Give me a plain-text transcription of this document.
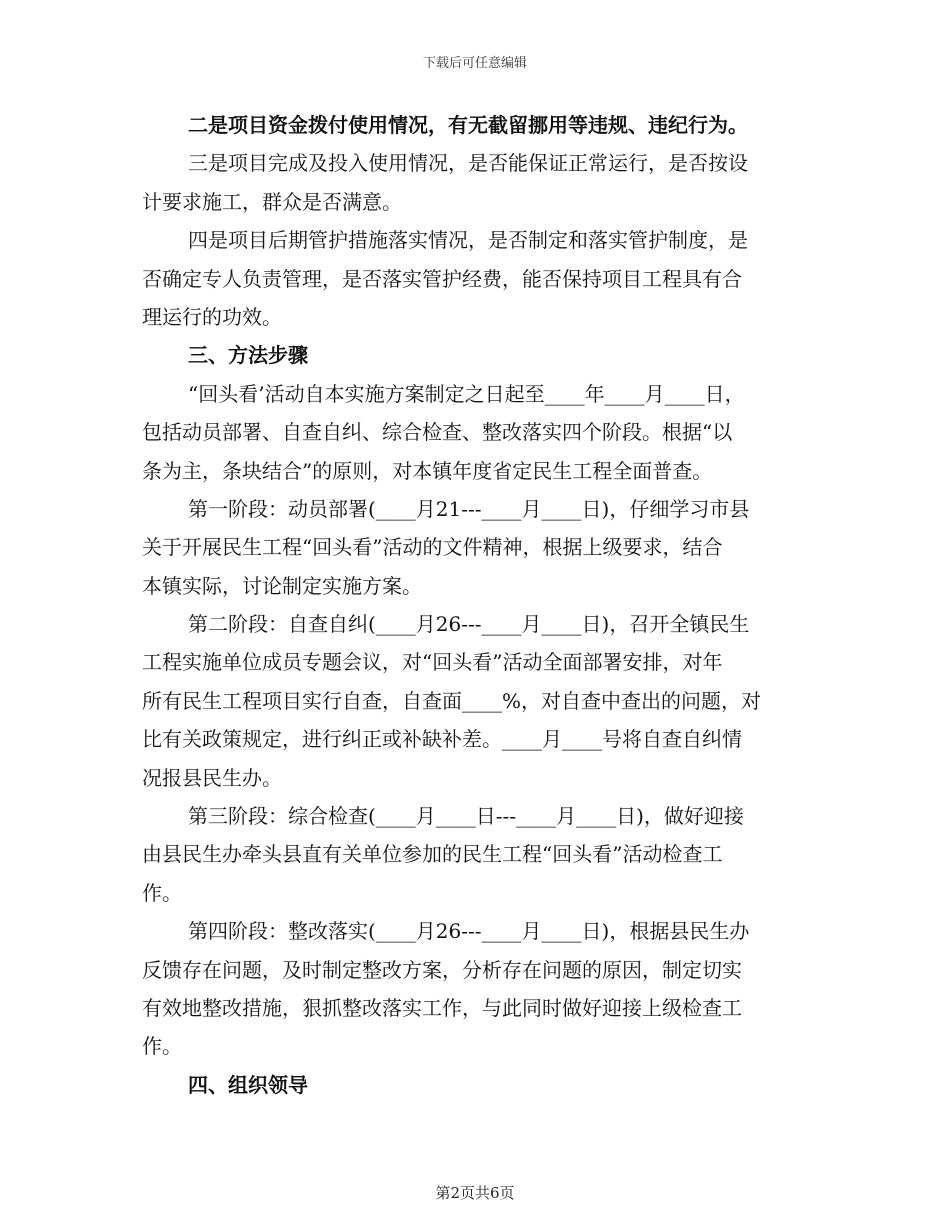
下载后可任意编辑
二是项目资金拨付使用情况，有无截留挪用等违规、违纪行为。
三是项目完成及投入使用情况，是否能保证正常运行，是否按设
计要求施工，群众是否满意。
四是项目后期管护措施落实情况，是否制定和落实管护制度，是
否确定专人负责管理，是否落实管护经费，能否保持项目工程具有合
理运行的功效。
三、方法步骤
“回头看’活动自本实施方案制定之日起至____年____月____日，
包括动员部署、自查自纠、综合检查、整改落实四个阶段。根据“以
条为主，条块结合”的原则，对本镇年度省定民生工程全面普查。
第一阶段：动员部署(____月21---____月____日)，仔细学习市县
关于开展民生工程“回头看”活动的文件精神，根据上级要求，结合
本镇实际，讨论制定实施方案。
第二阶段：自查自纠(____月26---____月____日)，召开全镇民生
工程实施单位成员专题会议，对“回头看”活动全面部署安排，对年
所有民生工程项目实行自查，自查面____%，对自查中查出的问题，对
比有关政策规定，进行纠正或补缺补差。____月____号将自查自纠情
况报县民生办。
第三阶段：综合检查(____月____日---____月____日)，做好迎接
由县民生办牵头县直有关单位参加的民生工程“回头看”活动检查工
作。
第四阶段：整改落实(____月26---____月____日)，根据县民生办
反馈存在问题，及时制定整改方案，分析存在问题的原因，制定切实
有效地整改措施，狠抓整改落实工作，与此同时做好迎接上级检查工
作。
四、组织领导
第2页共6页
